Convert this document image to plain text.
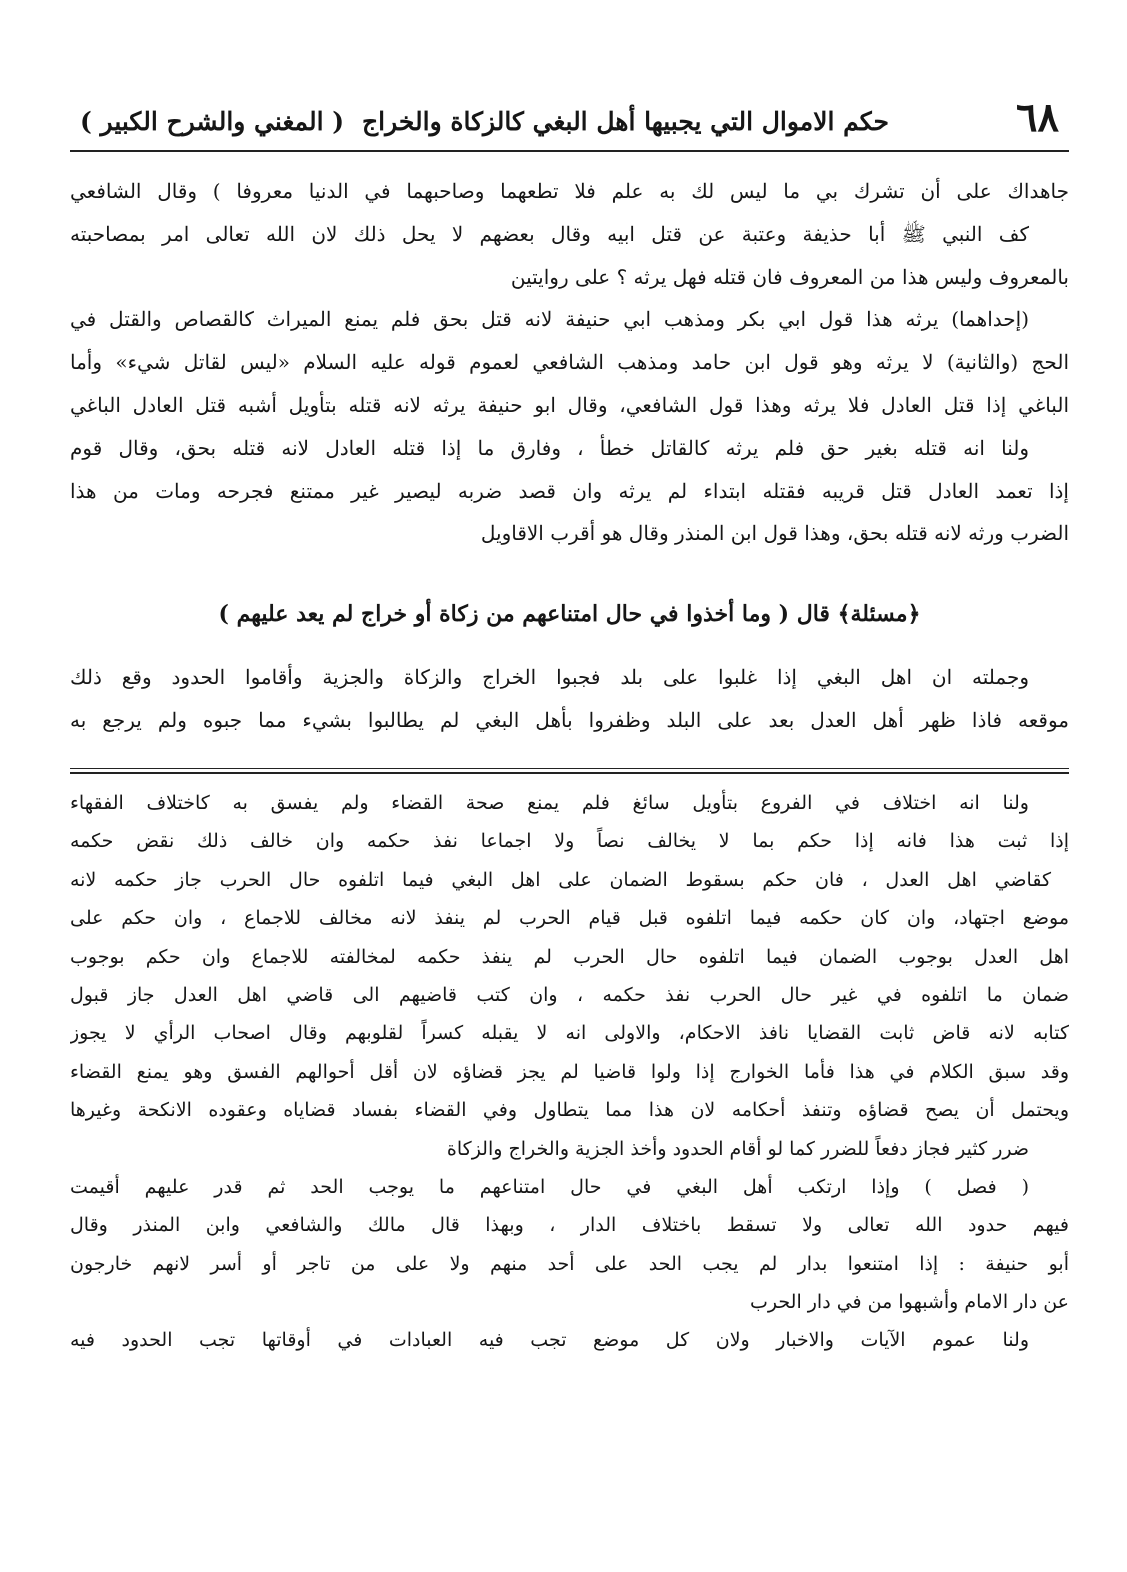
٦٨
حكم الاموال التي يجبيها أهل البغي كالزكاة والخراج
( المغني والشرح الكبير )
جاهداك على أن تشرك بي ما ليس لك به علم فلا تطعهما وصاحبهما في الدنيا معروفا ) وقال الشافعي
كف النبي ﷺ أبا حذيفة وعتبة عن قتل ابيه وقال بعضهم لا يحل ذلك لان الله تعالى امر بمصاحبته
بالمعروف وليس هذا من المعروف فان قتله فهل يرثه ؟ على روايتين
(إحداهما) يرثه هذا قول ابي بكر ومذهب ابي حنيفة لانه قتل بحق فلم يمنع الميراث كالقصاص والقتل في
الحج (والثانية) لا يرثه وهو قول ابن حامد ومذهب الشافعي لعموم قوله عليه السلام «ليس لقاتل شيء» وأما
الباغي إذا قتل العادل فلا يرثه وهذا قول الشافعي، وقال ابو حنيفة يرثه لانه قتله بتأويل أشبه قتل العادل الباغي
ولنا انه قتله بغير حق فلم يرثه كالقاتل خطأ ، وفارق ما إذا قتله العادل لانه قتله بحق، وقال قوم
إذا تعمد العادل قتل قريبه فقتله ابتداء لم يرثه وان قصد ضربه ليصير غير ممتنع فجرحه ومات من هذا
الضرب ورثه لانه قتله بحق، وهذا قول ابن المنذر وقال هو أقرب الاقاويل
﴿مسئلة﴾ قال ( وما أخذوا في حال امتناعهم من زكاة أو خراج لم يعد عليهم )
وجملته ان اهل البغي إذا غلبوا على بلد فجبوا الخراج والزكاة والجزية وأقاموا الحدود وقع ذلك
موقعه فاذا ظهر أهل العدل بعد على البلد وظفروا بأهل البغي لم يطالبوا بشيء مما جبوه ولم يرجع به
ولنا انه اختلاف في الفروع بتأويل سائغ فلم يمنع صحة القضاء ولم يفسق به كاختلاف الفقهاء
إذا ثبت هذا فانه إذا حكم بما لا يخالف نصاً ولا اجماعا نفذ حكمه وان خالف ذلك نقض حكمه
كقاضي اهل العدل ، فان حكم بسقوط الضمان على اهل البغي فيما اتلفوه حال الحرب جاز حكمه لانه
موضع اجتهاد، وان كان حكمه فيما اتلفوه قبل قيام الحرب لم ينفذ لانه مخالف للاجماع ، وان حكم على
اهل العدل بوجوب الضمان فيما اتلفوه حال الحرب لم ينفذ حكمه لمخالفته للاجماع وان حكم بوجوب
ضمان ما اتلفوه في غير حال الحرب نفذ حكمه ، وان كتب قاضيهم الى قاضي اهل العدل جاز قبول
كتابه لانه قاض ثابت القضايا نافذ الاحكام، والاولى انه لا يقبله كسراً لقلوبهم وقال اصحاب الرأي لا يجوز
وقد سبق الكلام في هذا فأما الخوارج إذا ولوا قاضيا لم يجز قضاؤه لان أقل أحوالهم الفسق وهو يمنع القضاء
ويحتمل أن يصح قضاؤه وتنفذ أحكامه لان هذا مما يتطاول وفي القضاء بفساد قضاياه وعقوده الانكحة وغيرها
ضرر كثير فجاز دفعاً للضرر كما لو أقام الحدود وأخذ الجزية والخراج والزكاة
( فصل ) وإذا ارتكب أهل البغي في حال امتناعهم ما يوجب الحد ثم قدر عليهم أقيمت
فيهم حدود الله تعالى ولا تسقط باختلاف الدار ، وبهذا قال مالك والشافعي وابن المنذر وقال
أبو حنيفة : إذا امتنعوا بدار لم يجب الحد على أحد منهم ولا على من تاجر أو أسر لانهم خارجون
عن دار الامام وأشبهوا من في دار الحرب
ولنا عموم الآيات والاخبار ولان كل موضع تجب فيه العبادات في أوقاتها تجب الحدود فيه
